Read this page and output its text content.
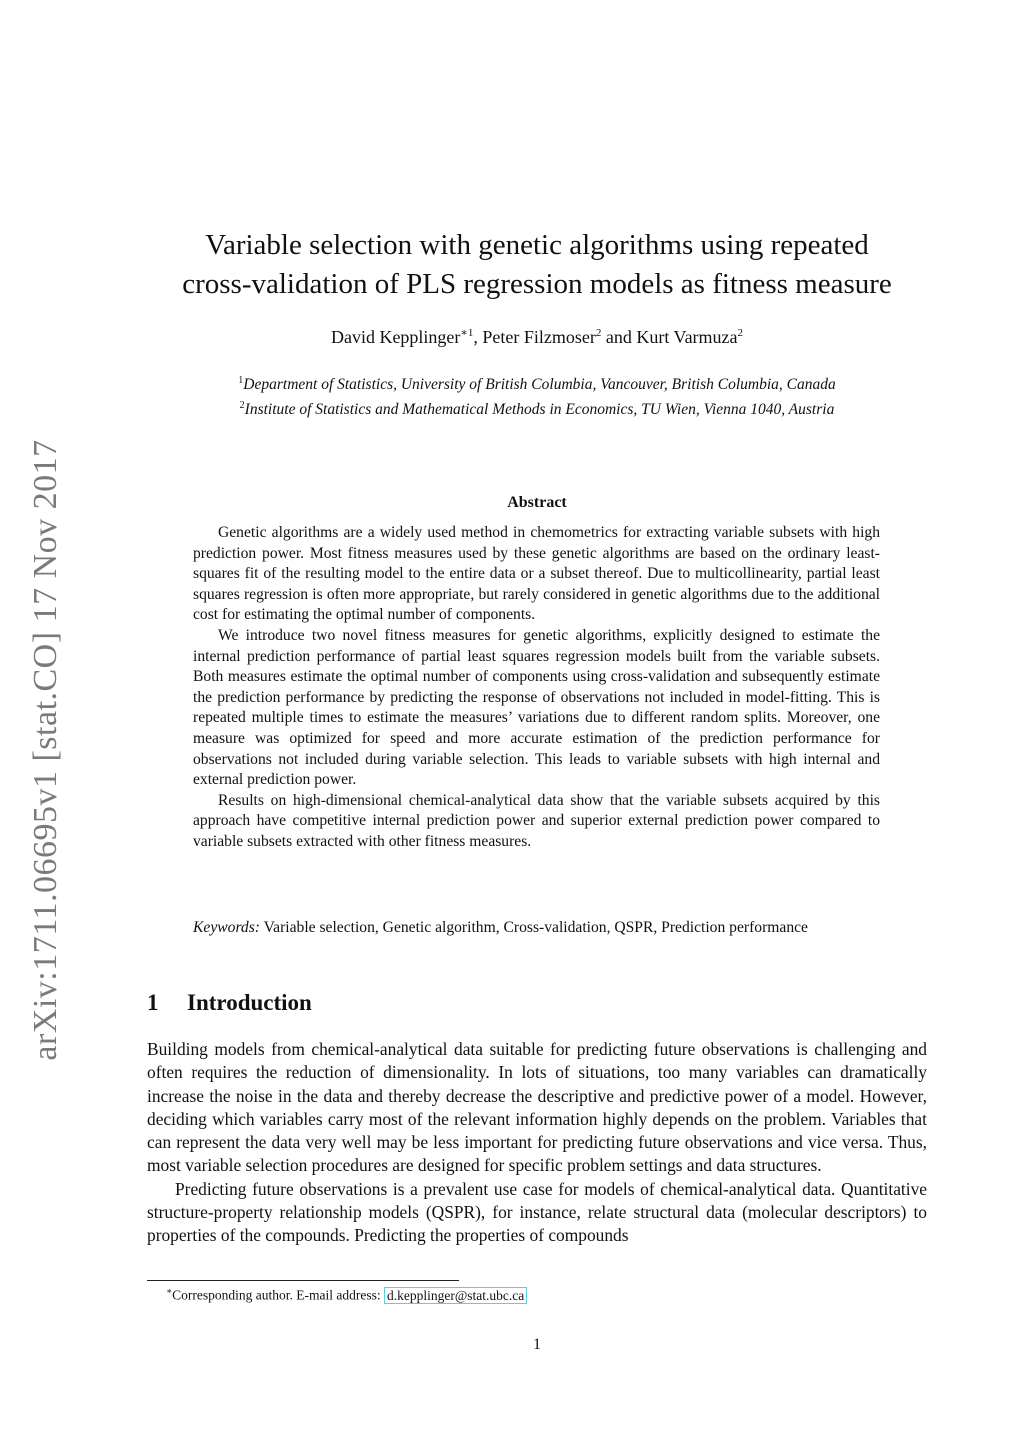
arXiv:1711.06695v1 [stat.CO] 17 Nov 2017
Variable selection with genetic algorithms using repeated
cross-validation of PLS regression models as fitness measure
David Kepplinger$^{∗1}$, Peter Filzmoser$^2$ and Kurt Varmuza$^2$
$^1$Department of Statistics, University of British Columbia, Vancouver, British Columbia, Canada
$^2$Institute of Statistics and Mathematical Methods in Economics, TU Wien, Vienna 1040, Austria
Abstract

Genetic algorithms are a widely used method in chemometrics for extracting variable subsets with high prediction power. Most fitness measures used by these genetic algorithms are based on the ordinary least-squares fit of the resulting model to the entire data or a subset thereof. Due to multicollinearity, partial least squares regression is often more appropriate, but rarely considered in genetic algorithms due to the additional cost for estimating the optimal number of components.

We introduce two novel fitness measures for genetic algorithms, explicitly designed to estimate the internal prediction performance of partial least squares regression models built from the variable subsets. Both measures estimate the optimal number of components using cross-validation and subsequently estimate the prediction performance by predicting the response of observations not included in model-fitting. This is repeated multiple times to estimate the measures’ variations due to different random splits. Moreover, one measure was optimized for speed and more accurate estimation of the prediction performance for observations not included during variable selection. This leads to variable subsets with high internal and external prediction power.

Results on high-dimensional chemical-analytical data show that the variable subsets acquired by this approach have competitive internal prediction power and superior external prediction power compared to variable subsets extracted with other fitness measures.

Keywords: Variable selection, Genetic algorithm, Cross-validation, QSPR, Prediction performance
1 Introduction

Building models from chemical-analytical data suitable for predicting future observations is challenging and often requires the reduction of dimensionality. In lots of situations, too many variables can dramatically increase the noise in the data and thereby decrease the descriptive and predictive power of a model. However, deciding which variables carry most of the relevant information highly depends on the problem. Variables that can represent the data very well may be less important for predicting future observations and vice versa. Thus, most variable selection procedures are designed for specific problem settings and data structures.

Predicting future observations is a prevalent use case for models of chemical-analytical data. Quantitative structure-property relationship models (QSPR), for instance, relate structural data (molecular descriptors) to properties of the compounds. Predicting the properties of compounds

∗Corresponding author. E-mail address: d.kepplinger@stat.ubc.ca
1
